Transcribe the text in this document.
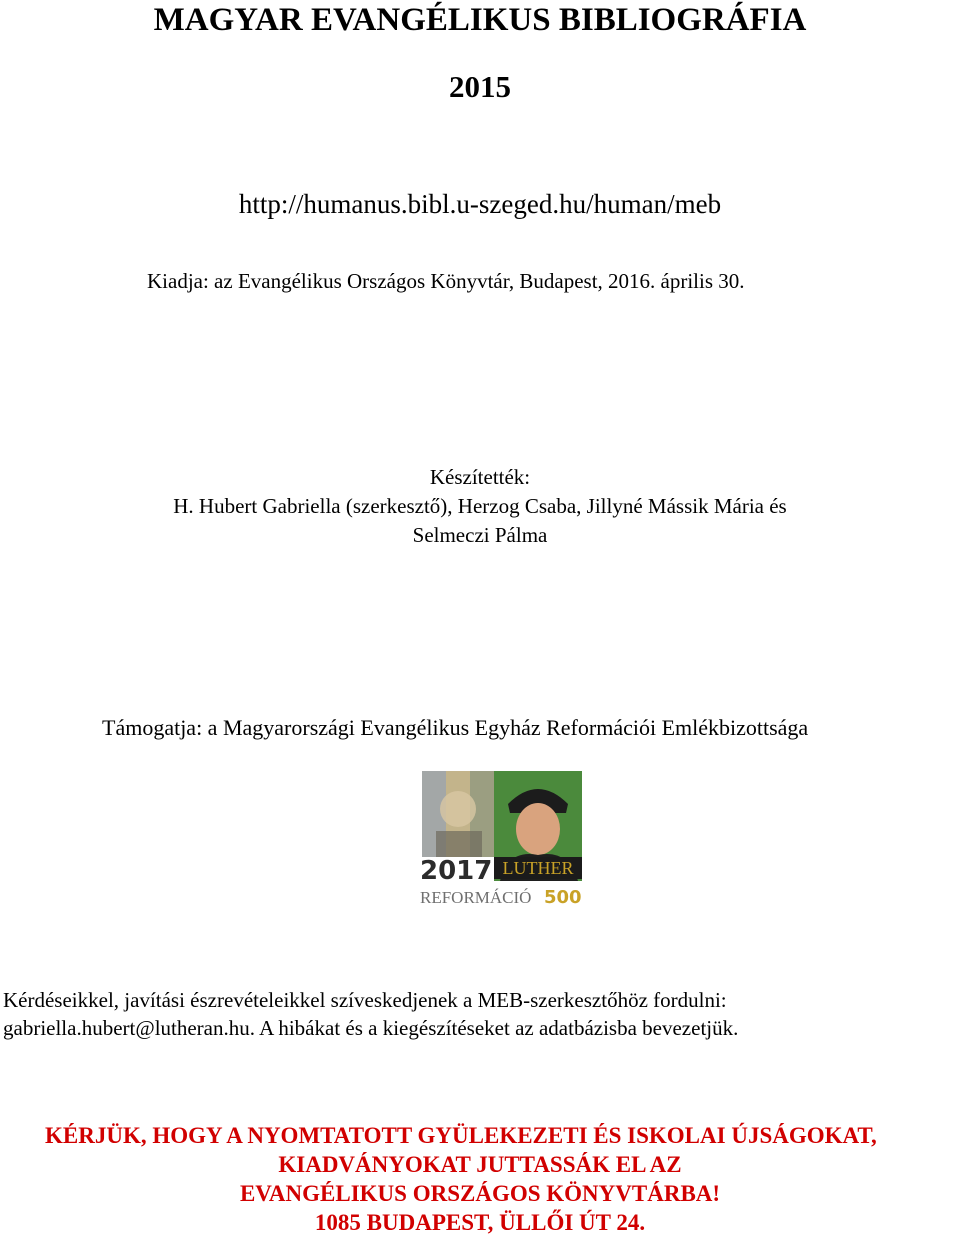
MAGYAR EVANGÉLIKUS BIBLIOGRÁFIA
2015
http://humanus.bibl.u-szeged.hu/human/meb
Készítették:
H. Hubert Gabriella (szerkesztő), Herzog Csaba, Jillyné Mássik Mária és
Selmeczi Pálma
Kiadja: az Evangélikus Országos Könyvtár, Budapest, 2016. április 30.
Támogatja: a Magyarországi Evangélikus Egyház Reformációi Emlékbizottsága
LUTHER
2017
REFORMÁCIÓ 500
Kérdéseikkel, javítási észrevételeikkel szíveskedjenek a MEB-szerkesztőhöz fordulni:
gabriella.hubert@lutheran.hu. A hibákat és a kiegészítéseket az adatbázisba bevezetjük.
KÉRJÜK, HOGY A NYOMTATOTT GYÜLEKEZETI ÉS ISKOLAI ÚJSÁGOKAT,
KIADVÁNYOKAT JUTTASSÁK EL AZ
EVANGÉLIKUS ORSZÁGOS KÖNYVTÁRBA!
1085 BUDAPEST, ÜLLŐI ÚT 24.
